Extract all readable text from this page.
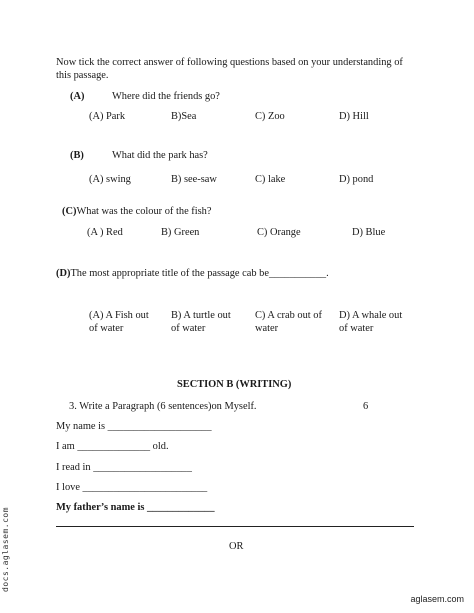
Now tick the correct answer of following questions based on your understanding of
this passage.
(A)	Where did the friends go?
(A) Park	B)Sea	C) Zoo	D) Hill
(B)	What did the park has?
(A) swing	B) see-saw	C) lake	D) pond
(C)What was the colour of the fish?
(A ) Red	B) Green	C) Orange	D) Blue
(D)The most appropriate title of the passage cab be___________.
(A) A Fish out
of water
B) A turtle out
of water
C) A crab out of
water
D) A whale out
of water
SECTION B (WRITING)
3. Write a Paragraph (6 sentences)on Myself.	6
My name is ____________________
I am ______________ old.
I read in ___________________
I love ________________________
My father’s name is _____________
OR
docs.aglasem.com
aglasem.com
